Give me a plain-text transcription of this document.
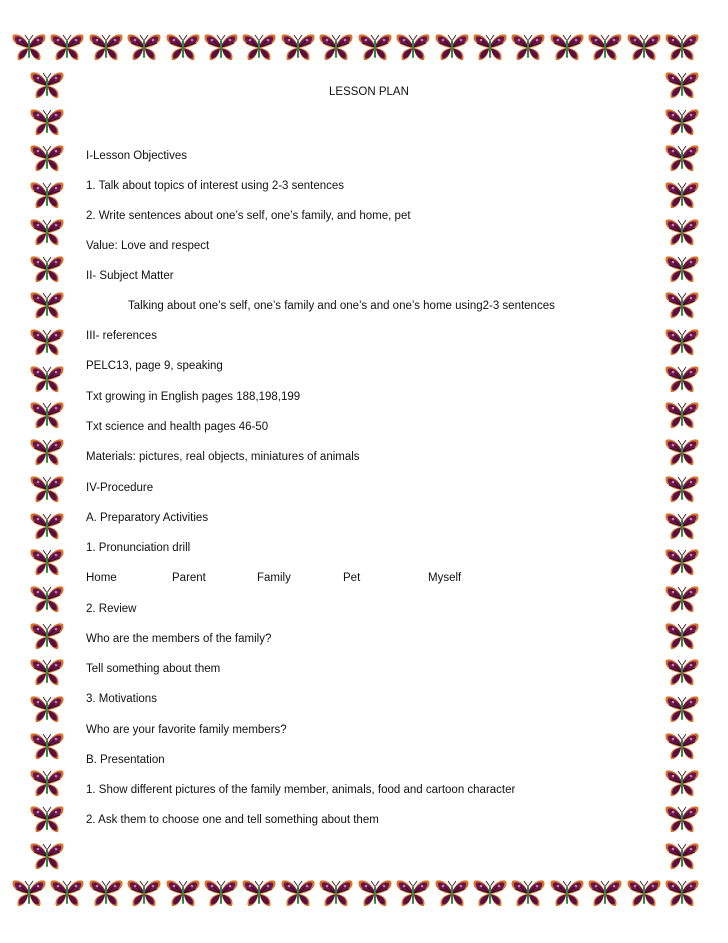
LESSON PLAN
I-Lesson Objectives
1. Talk about topics of interest using 2-3 sentences
2. Write sentences about one’s self, one’s family, and home, pet
Value: Love and respect
II- Subject Matter
Talking about one’s self, one’s family and one’s and one’s home using2-3 sentences
III- references
PELC13, page 9, speaking
Txt growing in English pages 188,198,199
Txt science and health pages 46-50
Materials: pictures, real objects, miniatures of animals
IV-Procedure
A. Preparatory Activities
1. Pronunciation drill
Home	Parent	Family	Pet	Myself
2. Review
Who are the members of the family?
Tell something about them
3. Motivations
Who are your favorite family members?
B. Presentation
1. Show different pictures of the family member, animals, food and cartoon character
2. Ask them to choose one and tell something about them
